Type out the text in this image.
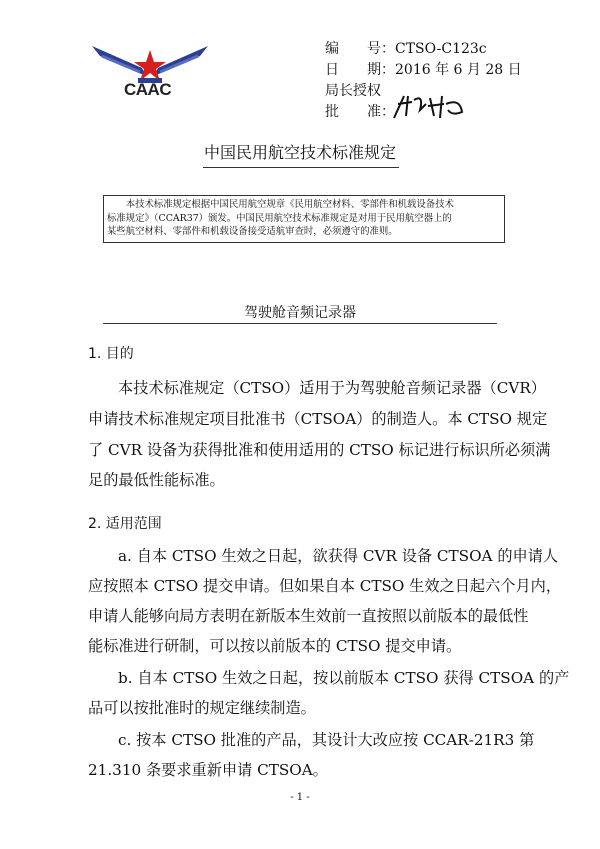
CAAC
编　　号：CTSO-C123c
日　　期：2016 年 6 月 28 日
局长授权
批　　准：
中国民用航空技术标准规定
　　本技术标准规定根据中国民用航空规章《民用航空材料、零部件和机载设备技术
标准规定》（CCAR37）颁发。中国民用航空技术标准规定是对用于民用航空器上的
某些航空材料、零部件和机载设备接受适航审查时，必须遵守的准则。
驾驶舱音频记录器
1. 目的
本技术标准规定（CTSO）适用于为驾驶舱音频记录器（CVR）
申请技术标准规定项目批准书（CTSOA）的制造人。本 CTSO 规定
了 CVR 设备为获得批准和使用适用的 CTSO 标记进行标识所必须满
足的最低性能标准。
2. 适用范围
a. 自本 CTSO 生效之日起，欲获得 CVR 设备 CTSOA 的申请人
应按照本 CTSO 提交申请。但如果自本 CTSO 生效之日起六个月内，
申请人能够向局方表明在新版本生效前一直按照以前版本的最低性
能标准进行研制，可以按以前版本的 CTSO 提交申请。
b. 自本 CTSO 生效之日起，按以前版本 CTSO 获得 CTSOA 的产
品可以按批准时的规定继续制造。
c. 按本 CTSO 批准的产品，其设计大改应按 CCAR-21R3 第
21.310 条要求重新申请 CTSOA。
- 1 -
